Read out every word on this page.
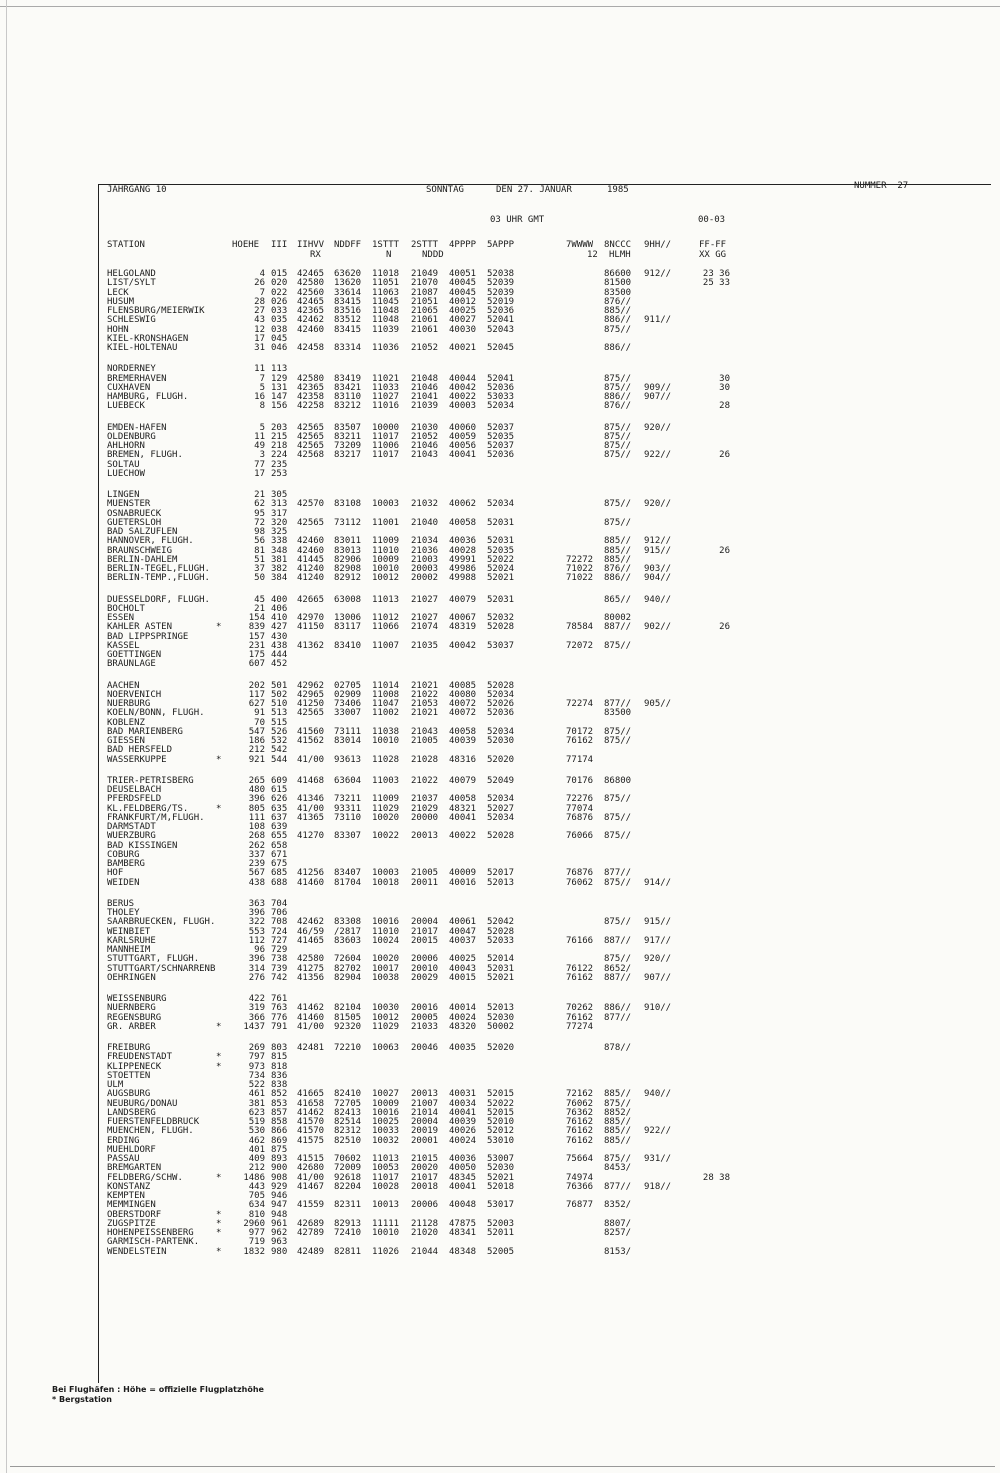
JAHRGANG 10	SONNTAG	DEN 27. JANUAR	1985	NUMMER  27
03 UHR GMT	00-03
STATION	HOEHE III IIHVV
RX
NDDFF 1STTT
N
2STTT
NDDD
4PPPP 5APPP	7WWWW
12
8NCCC
HLMH
9HH//	FF-FF
XX GG
HELGOLAND	4 015 42465 63620 11018 21049 40051 52038	86600 912//	23 36
LIST/SYLT	26 020 42580 13620 11051 21070 40045 52039	81500	25 33
LECK	7 022 42560 33614 11063 21087 40045 52039	83500
HUSUM	28 026 42465 83415 11045 21051 40012 52019	876//
FLENSBURG/MEIERWIK	27 033 42365 83516 11048 21065 40025 52036	885//
SCHLESWIG	43 035 42462 83512 11048 21061 40027 52041	886// 911//
HOHN	12 038 42460 83415 11039 21061 40030 52043	875//
KIEL-KRONSHAGEN	17 045
KIEL-HOLTENAU	31 046 42458 83314 11036 21052 40021 52045	886//
NORDERNEY	11 113
BREMERHAVEN	7 129 42580 83419 11021 21048 40044 52041	875//	30
CUXHAVEN	5 131 42365 83421 11033 21046 40042 52036	875// 909//	30
HAMBURG, FLUGH.	16 147 42358 83110 11027 21041 40022 53033	886// 907//
LUEBECK	8 156 42258 83212 11016 21039 40003 52034	876//	28
EMDEN-HAFEN	5 203 42565 83507 10000 21030 40060 52037	875// 920//
OLDENBURG	11 215 42565 83211 11017 21052 40059 52035	875//
AHLHORN	49 218 42565 73209 11006 21046 40056 52037	875//
BREMEN, FLUGH.	3 224 42568 83217 11017 21043 40041 52036	875// 922//	26
SOLTAU	77 235
LUECHOW	17 253
LINGEN	21 305
MUENSTER	62 313 42570 83108 10003 21032 40062 52034	875// 920//
OSNABRUECK	95 317
GUETERSLOH	72 320 42565 73112 11001 21040 40058 52031	875//
BAD SALZUFLEN	98 325
HANNOVER, FLUGH.	56 338 42460 83011 11009 21034 40036 52031	885// 912//
BRAUNSCHWEIG	81 348 42460 83013 11010 21036 40028 52035	885// 915//	26
BERLIN-DAHLEM	51 381 41445 82906 10009 21003 49991 52022	72272 885//
BERLIN-TEGEL,FLUGH.	37 382 41240 82908 10010 20003 49986 52024	71022 876// 903//
BERLIN-TEMP.,FLUGH.	50 384 41240 82912 10012 20002 49988 52021	71022 886// 904//
DUESSELDORF, FLUGH.	45 400 42665 63008 11013 21027 40079 52031	865// 940//
BOCHOLT	21 406
ESSEN	154 410 42970 13006 11012 21027 40067 52032	80002
KAHLER ASTEN	*	839 427 41150 83117 11066 21074 48319 52028	78584 887// 902//	26
BAD LIPPSPRINGE	157 430
KASSEL	231 438 41362 83410 11007 21035 40042 53037	72072 875//
GOETTINGEN	175 444
BRAUNLAGE	607 452
AACHEN	202 501 42962 02705 11014 21021 40085 52028
NOERVENICH	117 502 42965 02909 11008 21022 40080 52034
NUERBURG	627 510 41250 73406 11047 21053 40072 52026	72274 877// 905//
KOELN/BONN, FLUGH.	91 513 42565 33007 11002 21021 40072 52036	83500
KOBLENZ	70 515
BAD MARIENBERG	547 526 41560 73111 11038 21043 40058 52034	70172 875//
GIESSEN	186 532 41562 83014 10010 21005 40039 52030	76162 875//
BAD HERSFELD	212 542
WASSERKUPPE	*	921 544 41/00 93613 11028 21028 48316 52020	77174
TRIER-PETRISBERG	265 609 41468 63604 11003 21022 40079 52049	70176 86800
DEUSELBACH	480 615
PFERDSFELD	396 626 41346 73211 11009 21037 40058 52034	72276 875//
KL.FELDBERG/TS.	*	805 635 41/00 93311 11029 21029 48321 52027	77074
FRANKFURT/M,FLUGH.	111 637 41365 73110 10020 20000 40041 52034	76876 875//
DARMSTADT	108 639
WUERZBURG	268 655 41270 83307 10022 20013 40022 52028	76066 875//
BAD KISSINGEN	262 658
COBURG	337 671
BAMBERG	239 675
HOF	567 685 41256 83407 10003 21005 40009 52017	76876 877//
WEIDEN	438 688 41460 81704 10018 20011 40016 52013	76062 875// 914//
BERUS	363 704
THOLEY	396 706
SAARBRUECKEN, FLUGH.	322 708 42462 83308 10016 20004 40061 52042	875// 915//
WEINBIET	553 724 46/59 /2817 11010 21017 40047 52028
KARLSRUHE	112 727 41465 83603 10024 20015 40037 52033	76166 887// 917//
MANNHEIM	96 729
STUTTGART, FLUGH.	396 738 42580 72604 10020 20006 40025 52014	875// 920//
STUTTGART/SCHNARRENB	314 739 41275 82702 10017 20010 40043 52031	76122 8652/
OEHRINGEN	276 742 41356 82904 10038 20029 40015 52021	76162 887// 907//
WEISSENBURG	422 761
NUERNBERG	319 763 41462 82104 10030 20016 40014 52013	70262 886// 910//
REGENSBURG	366 776 41460 81505 10012 20005 40024 52030	76162 877//
GR. ARBER	* 1437 791 41/00 92320 11029 21033 48320 50002	77274
FREIBURG	269 803 42481 72210 10063 20046 40035 52020	878//
FREUDENSTADT	*	797 815
KLIPPENECK	*	973 818
STOETTEN	734 836
ULM	522 838
AUGSBURG	461 852 41665 82410 10027 20013 40031 52015	72162 885// 940//
NEUBURG/DONAU	381 853 41658 72705 10009 21007 40034 52022	76062 875//
LANDSBERG	623 857 41462 82413 10016 21014 40041 52015	76362 8852/
FUERSTENFELDBRUCK	519 858 41570 82514 10025 20004 40039 52010	76162 885//
MUENCHEN, FLUGH.	530 866 41570 82312 10033 20019 40026 52012	76162 885// 922//
ERDING	462 869 41575 82510 10032 20001 40024 53010	76162 885//
MUEHLDORF	401 875
PASSAU	409 893 41515 70602 11013 21015 40036 53007	75664 875// 931//
BREMGARTEN	212 900 42680 72009 10053 20020 40050 52030	8453/
FELDBERG/SCHW.	* 1486 908 41/00 92618 11017 21017 48345 52021	74974	28 38
KONSTANZ	443 929 41467 82204 10028 20018 40041 52018	76366 877// 918//
KEMPTEN	705 946
MEMMINGEN	634 947 41559 82311 10013 20006 40048 53017	76877 8352/
OBERSTDORF	*	810 948
ZUGSPITZE	* 2960 961 42689 82913 11111 21128 47875 52003	8807/
HOHENPEISSENBERG *	977 962 42789 72410 10010 21020 48341 52011	8257/
GARMISCH-PARTENK.	719 963
WENDELSTEIN	* 1832 980 42489 82811 11026 21044 48348 52005	8153/
Bei Flughäfen : Höhe = offizielle Flugplatzhöhe
* Bergstation
